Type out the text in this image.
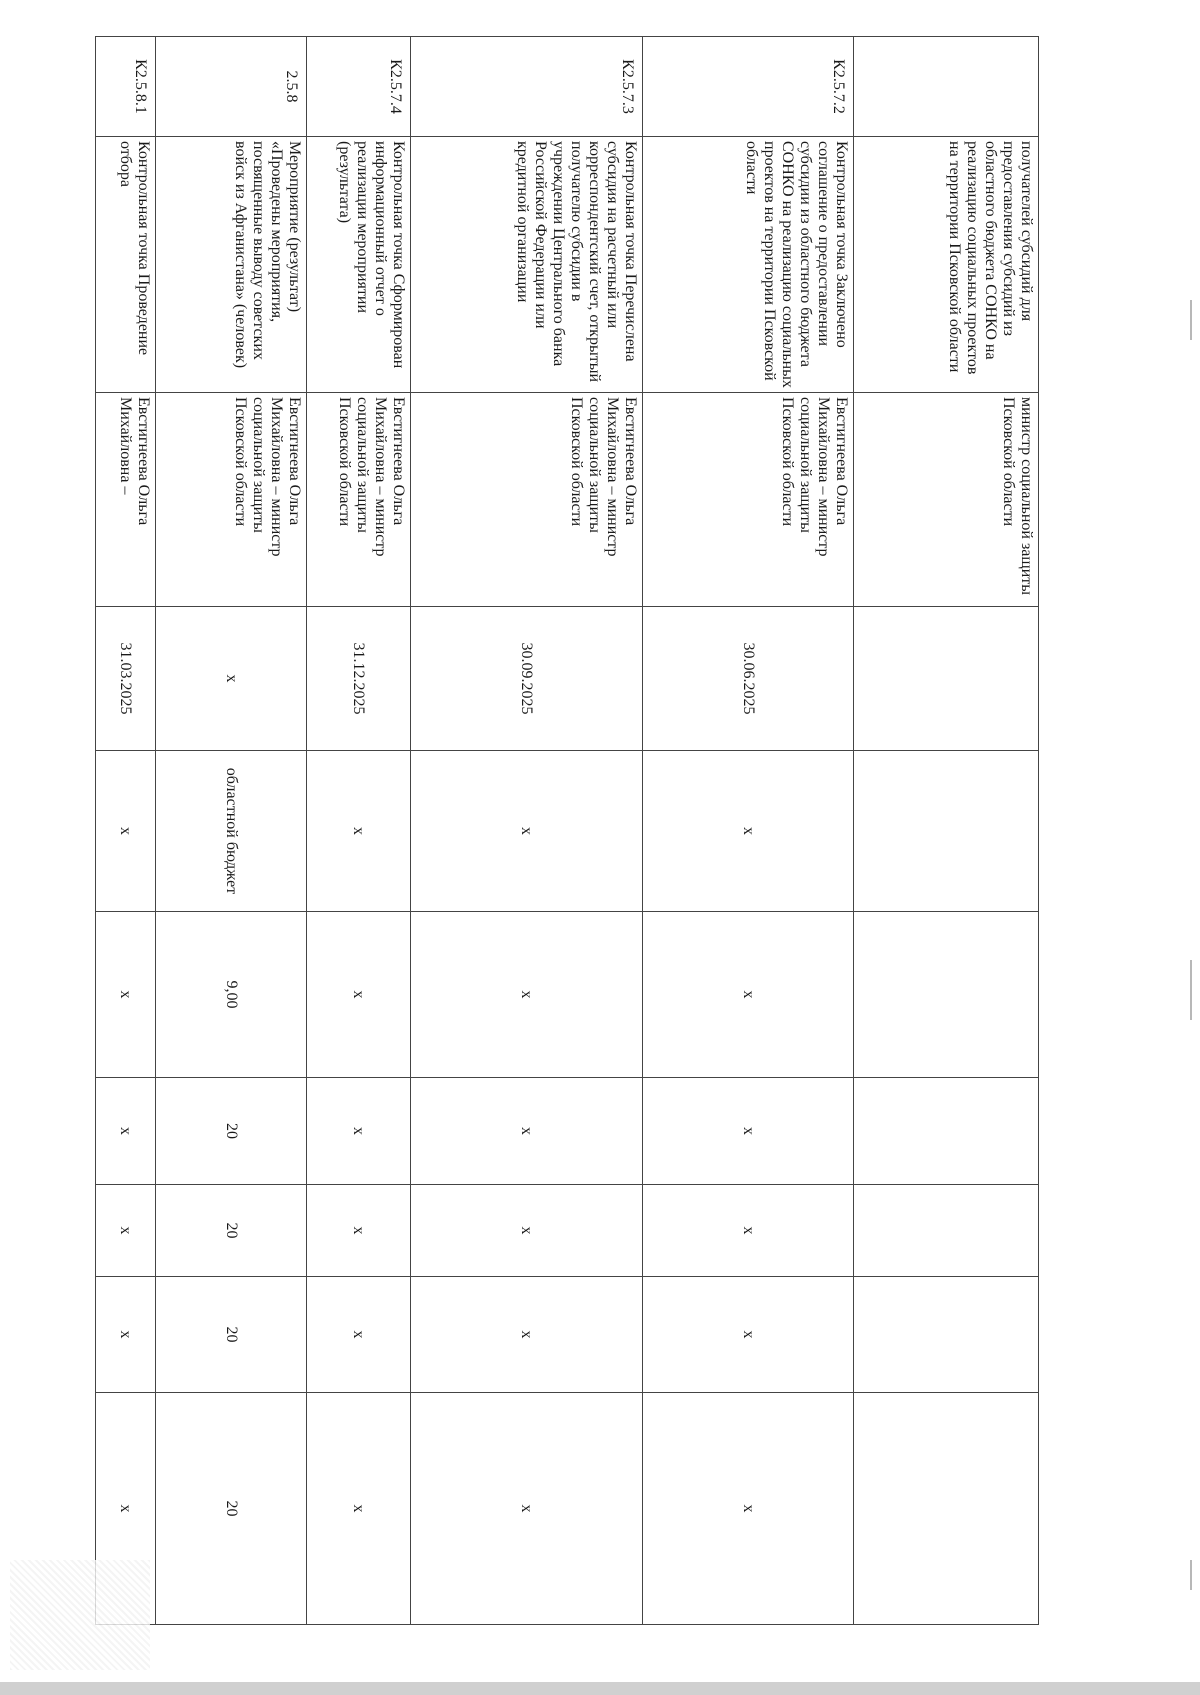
	получателей субсидий для предоставления субсидий из областного бюджета СОНКО на реализацию социальных проектов на территории Псковской области	министр социальной защиты Псковской области							
К2.5.7.2	Контрольная точка Заключено соглашение о предоставлении субсидии из областного бюджета СОНКО на реализацию социальных проектов на территории Псковской области	Евстигнеева Ольга Михайловна – министр социальной защиты Псковской области	30.06.2025	х	х	х	х	х	х
К2.5.7.3	Контрольная точка Перечислена субсидия на расчетный или корреспондентский счет, открытый получателю субсидии в учреждении Центрального банка Российской Федерации или кредитной организации	Евстигнеева Ольга Михайловна – министр социальной защиты Псковской области	30.09.2025	х	х	х	х	х	х
К2.5.7.4	Контрольная точка Сформирован информационный отчет о реализации мероприятии (результата)	Евстигнеева Ольга Михайловна – министр социальной защиты Псковской области	31.12.2025	х	х	х	х	х	х
2.5.8	Мероприятие (результат) «Проведены мероприятия, посвященные выводу советских войск из Афганистана» (человек)	Евстигнеева Ольга Михайловна – министр социальной защиты Псковской области	х	областной бюджет	9,00	20	20	20	20
К2.5.8.1	Контрольная точка Проведение отбора	Евстигнеева Ольга Михайловна –	31.03.2025	х	х	х	х	х	х
